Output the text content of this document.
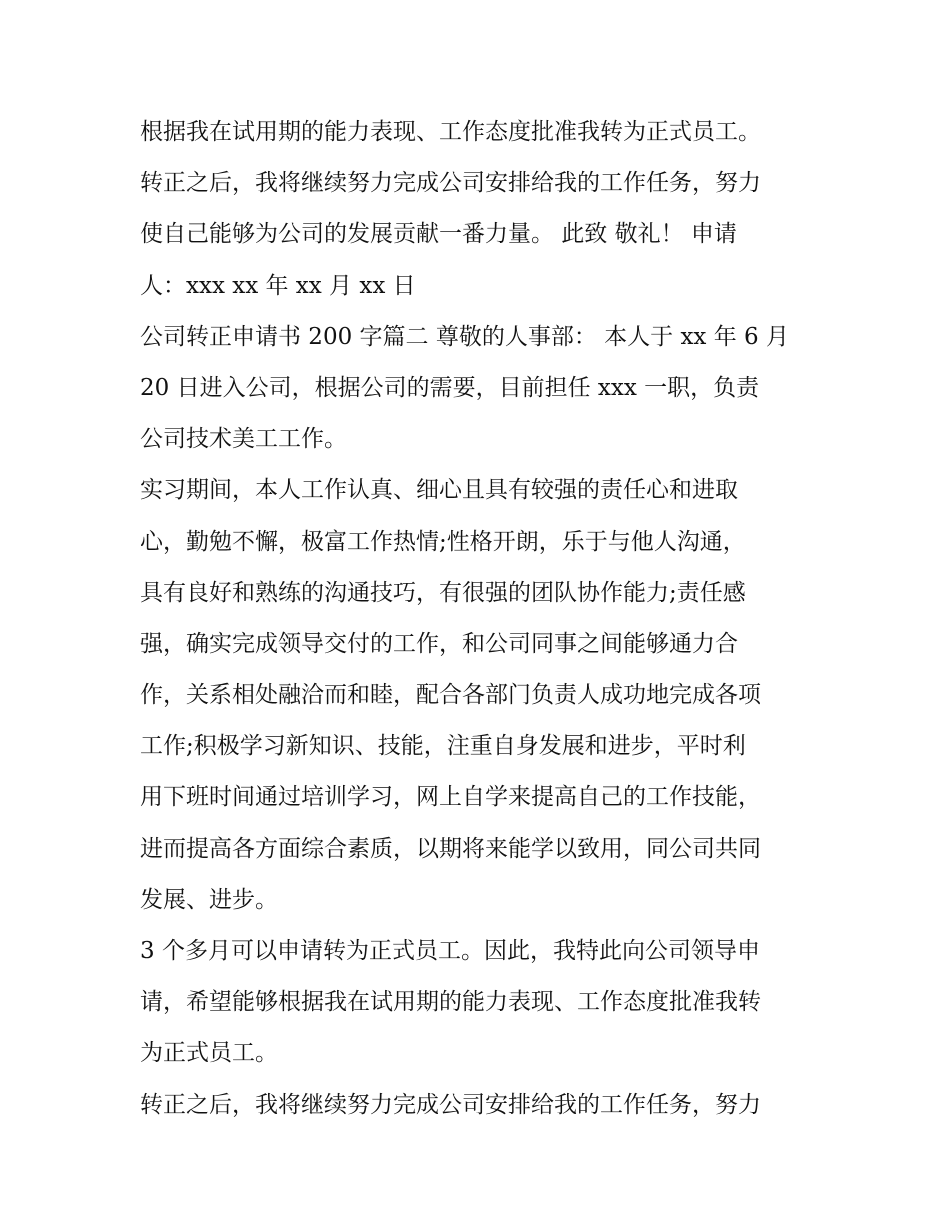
根据我在试用期的能力表现、工作态度批准我转为正式员工。
转正之后，我将继续努力完成公司安排给我的工作任务，努力
使自己能够为公司的发展贡献一番力量。 此致 敬礼！ 申请
人：xxx xx 年 xx 月 xx 日
公司转正申请书 200 字篇二 尊敬的人事部： 本人于 xx 年 6 月
20 日进入公司，根据公司的需要，目前担任 xxx 一职，负责
公司技术美工工作。
实习期间，本人工作认真、细心且具有较强的责任心和进取
心，勤勉不懈，极富工作热情;性格开朗，乐于与他人沟通，
具有良好和熟练的沟通技巧，有很强的团队协作能力;责任感
强，确实完成领导交付的工作，和公司同事之间能够通力合
作，关系相处融洽而和睦，配合各部门负责人成功地完成各项
工作;积极学习新知识、技能，注重自身发展和进步，平时利
用下班时间通过培训学习，网上自学来提高自己的工作技能，
进而提高各方面综合素质，以期将来能学以致用，同公司共同
发展、进步。
3 个多月可以申请转为正式员工。因此，我特此向公司领导申
请，希望能够根据我在试用期的能力表现、工作态度批准我转
为正式员工。
转正之后，我将继续努力完成公司安排给我的工作任务，努力
